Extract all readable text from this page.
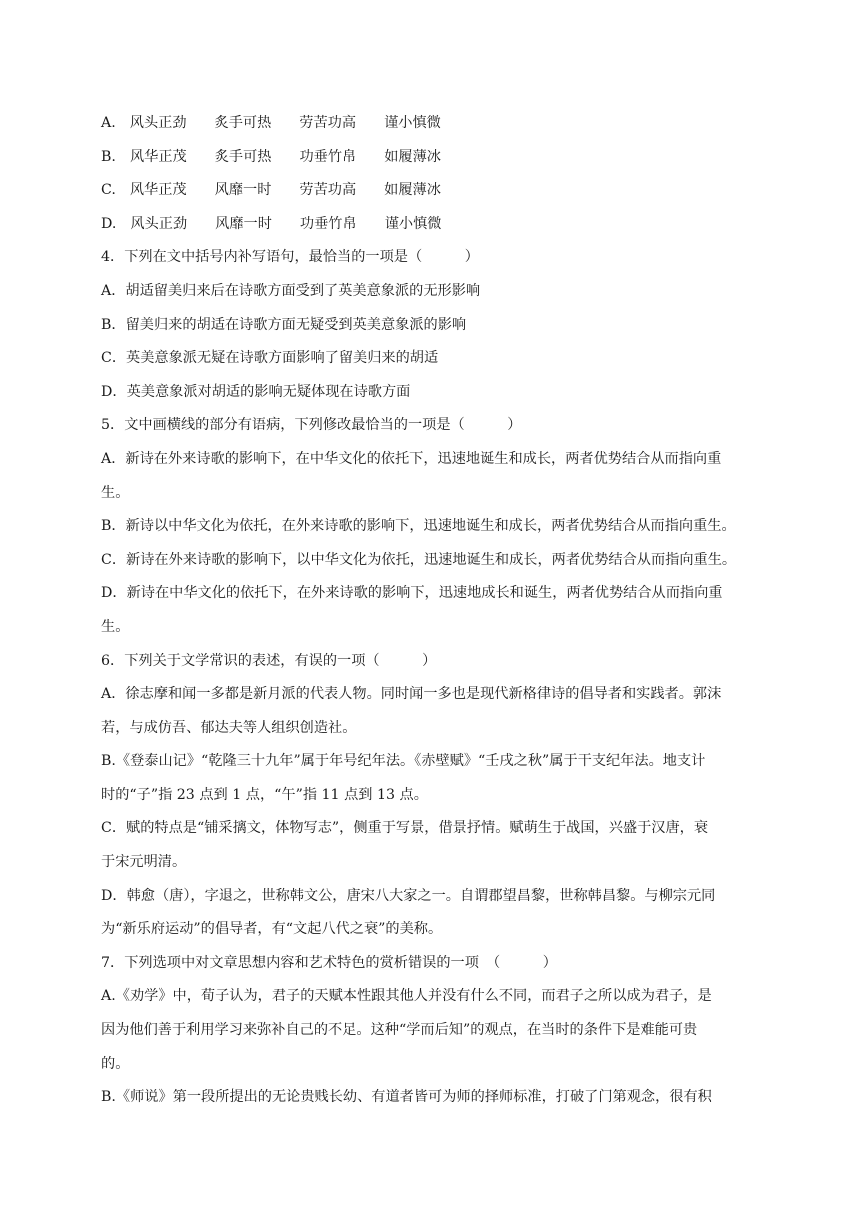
A. 风头正劲 炙手可热 劳苦功高 谨小慎微
B. 风华正茂 炙手可热 功垂竹帛 如履薄冰
C. 风华正茂 风靡一时 劳苦功高 如履薄冰
D. 风头正劲 风靡一时 功垂竹帛 谨小慎微
4．下列在文中括号内补写语句，最恰当的一项是（　　　）
A．胡适留美归来后在诗歌方面受到了英美意象派的无形影响
B．留美归来的胡适在诗歌方面无疑受到英美意象派的影响
C．英美意象派无疑在诗歌方面影响了留美归来的胡适
D．英美意象派对胡适的影响无疑体现在诗歌方面
5．文中画横线的部分有语病，下列修改最恰当的一项是（　　　）
A．新诗在外来诗歌的影响下，在中华文化的依托下，迅速地诞生和成长，两者优势结合从而指向重
生。
B．新诗以中华文化为依托，在外来诗歌的影响下，迅速地诞生和成长，两者优势结合从而指向重生。
C．新诗在外来诗歌的影响下，以中华文化为依托，迅速地诞生和成长，两者优势结合从而指向重生。
D．新诗在中华文化的依托下，在外来诗歌的影响下，迅速地成长和诞生，两者优势结合从而指向重
生。
6．下列关于文学常识的表述，有误的一项（　　　）
A．徐志摩和闻一多都是新月派的代表人物。同时闻一多也是现代新格律诗的倡导者和实践者。郭沫
若，与成仿吾、郁达夫等人组织创造社。
B.《登泰山记》“乾隆三十九年”属于年号纪年法。《赤壁赋》“壬戌之秋”属于干支纪年法。地支计
时的“子”指 23 点到 1 点，“午”指 11 点到 13 点。
C．赋的特点是“铺采摛文，体物写志”，侧重于写景，借景抒情。赋萌生于战国，兴盛于汉唐，衰
于宋元明清。
D．韩愈（唐），字退之，世称韩文公，唐宋八大家之一。自谓郡望昌黎，世称韩昌黎。与柳宗元同
为“新乐府运动”的倡导者，有“文起八代之衰”的美称。
7．下列选项中对文章思想内容和艺术特色的赏析错误的一项　（　　　）
A.《劝学》中，荀子认为，君子的天赋本性跟其他人并没有什么不同，而君子之所以成为君子，是
因为他们善于利用学习来弥补自己的不足。这种“学而后知”的观点，在当时的条件下是难能可贵
的。
B.《师说》第一段所提出的无论贵贱长幼、有道者皆可为师的择师标准，打破了门第观念，很有积
